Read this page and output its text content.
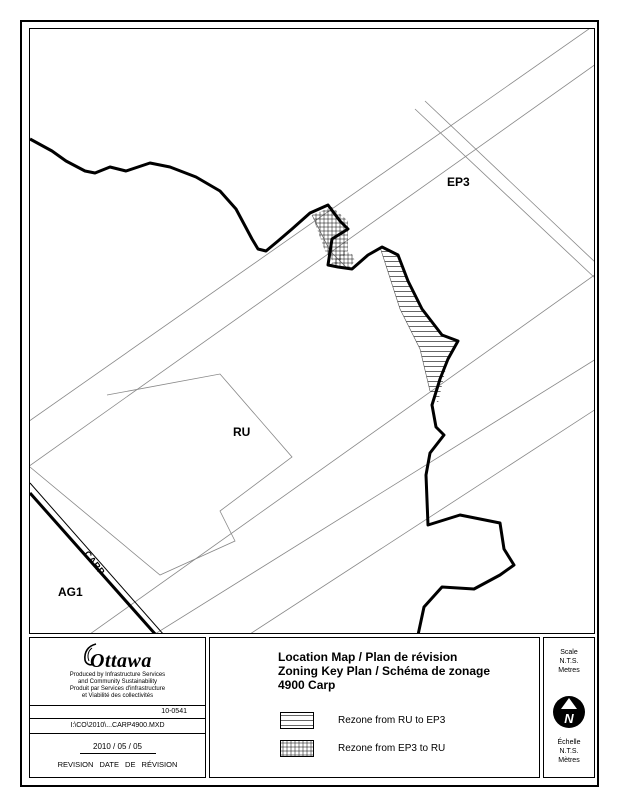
EP3
RU
AG1
CARP
Ottawa
Produced by Infrastructure Services
and Community Sustainability
Produit par Services d'infrastructure
et Viabilité des collectivités
10-0541
I:\CO\2010\...CARP4900.MXD
2010 / 05 / 05
REVISION DATE DE RÉVISION
Location Map / Plan de révision
Zoning Key Plan / Schéma de zonage
4900 Carp
Rezone from RU to EP3
Rezone from EP3 to RU
Scale
N.T.S.
Metres
N
Échelle
N.T.S.
Mètres
